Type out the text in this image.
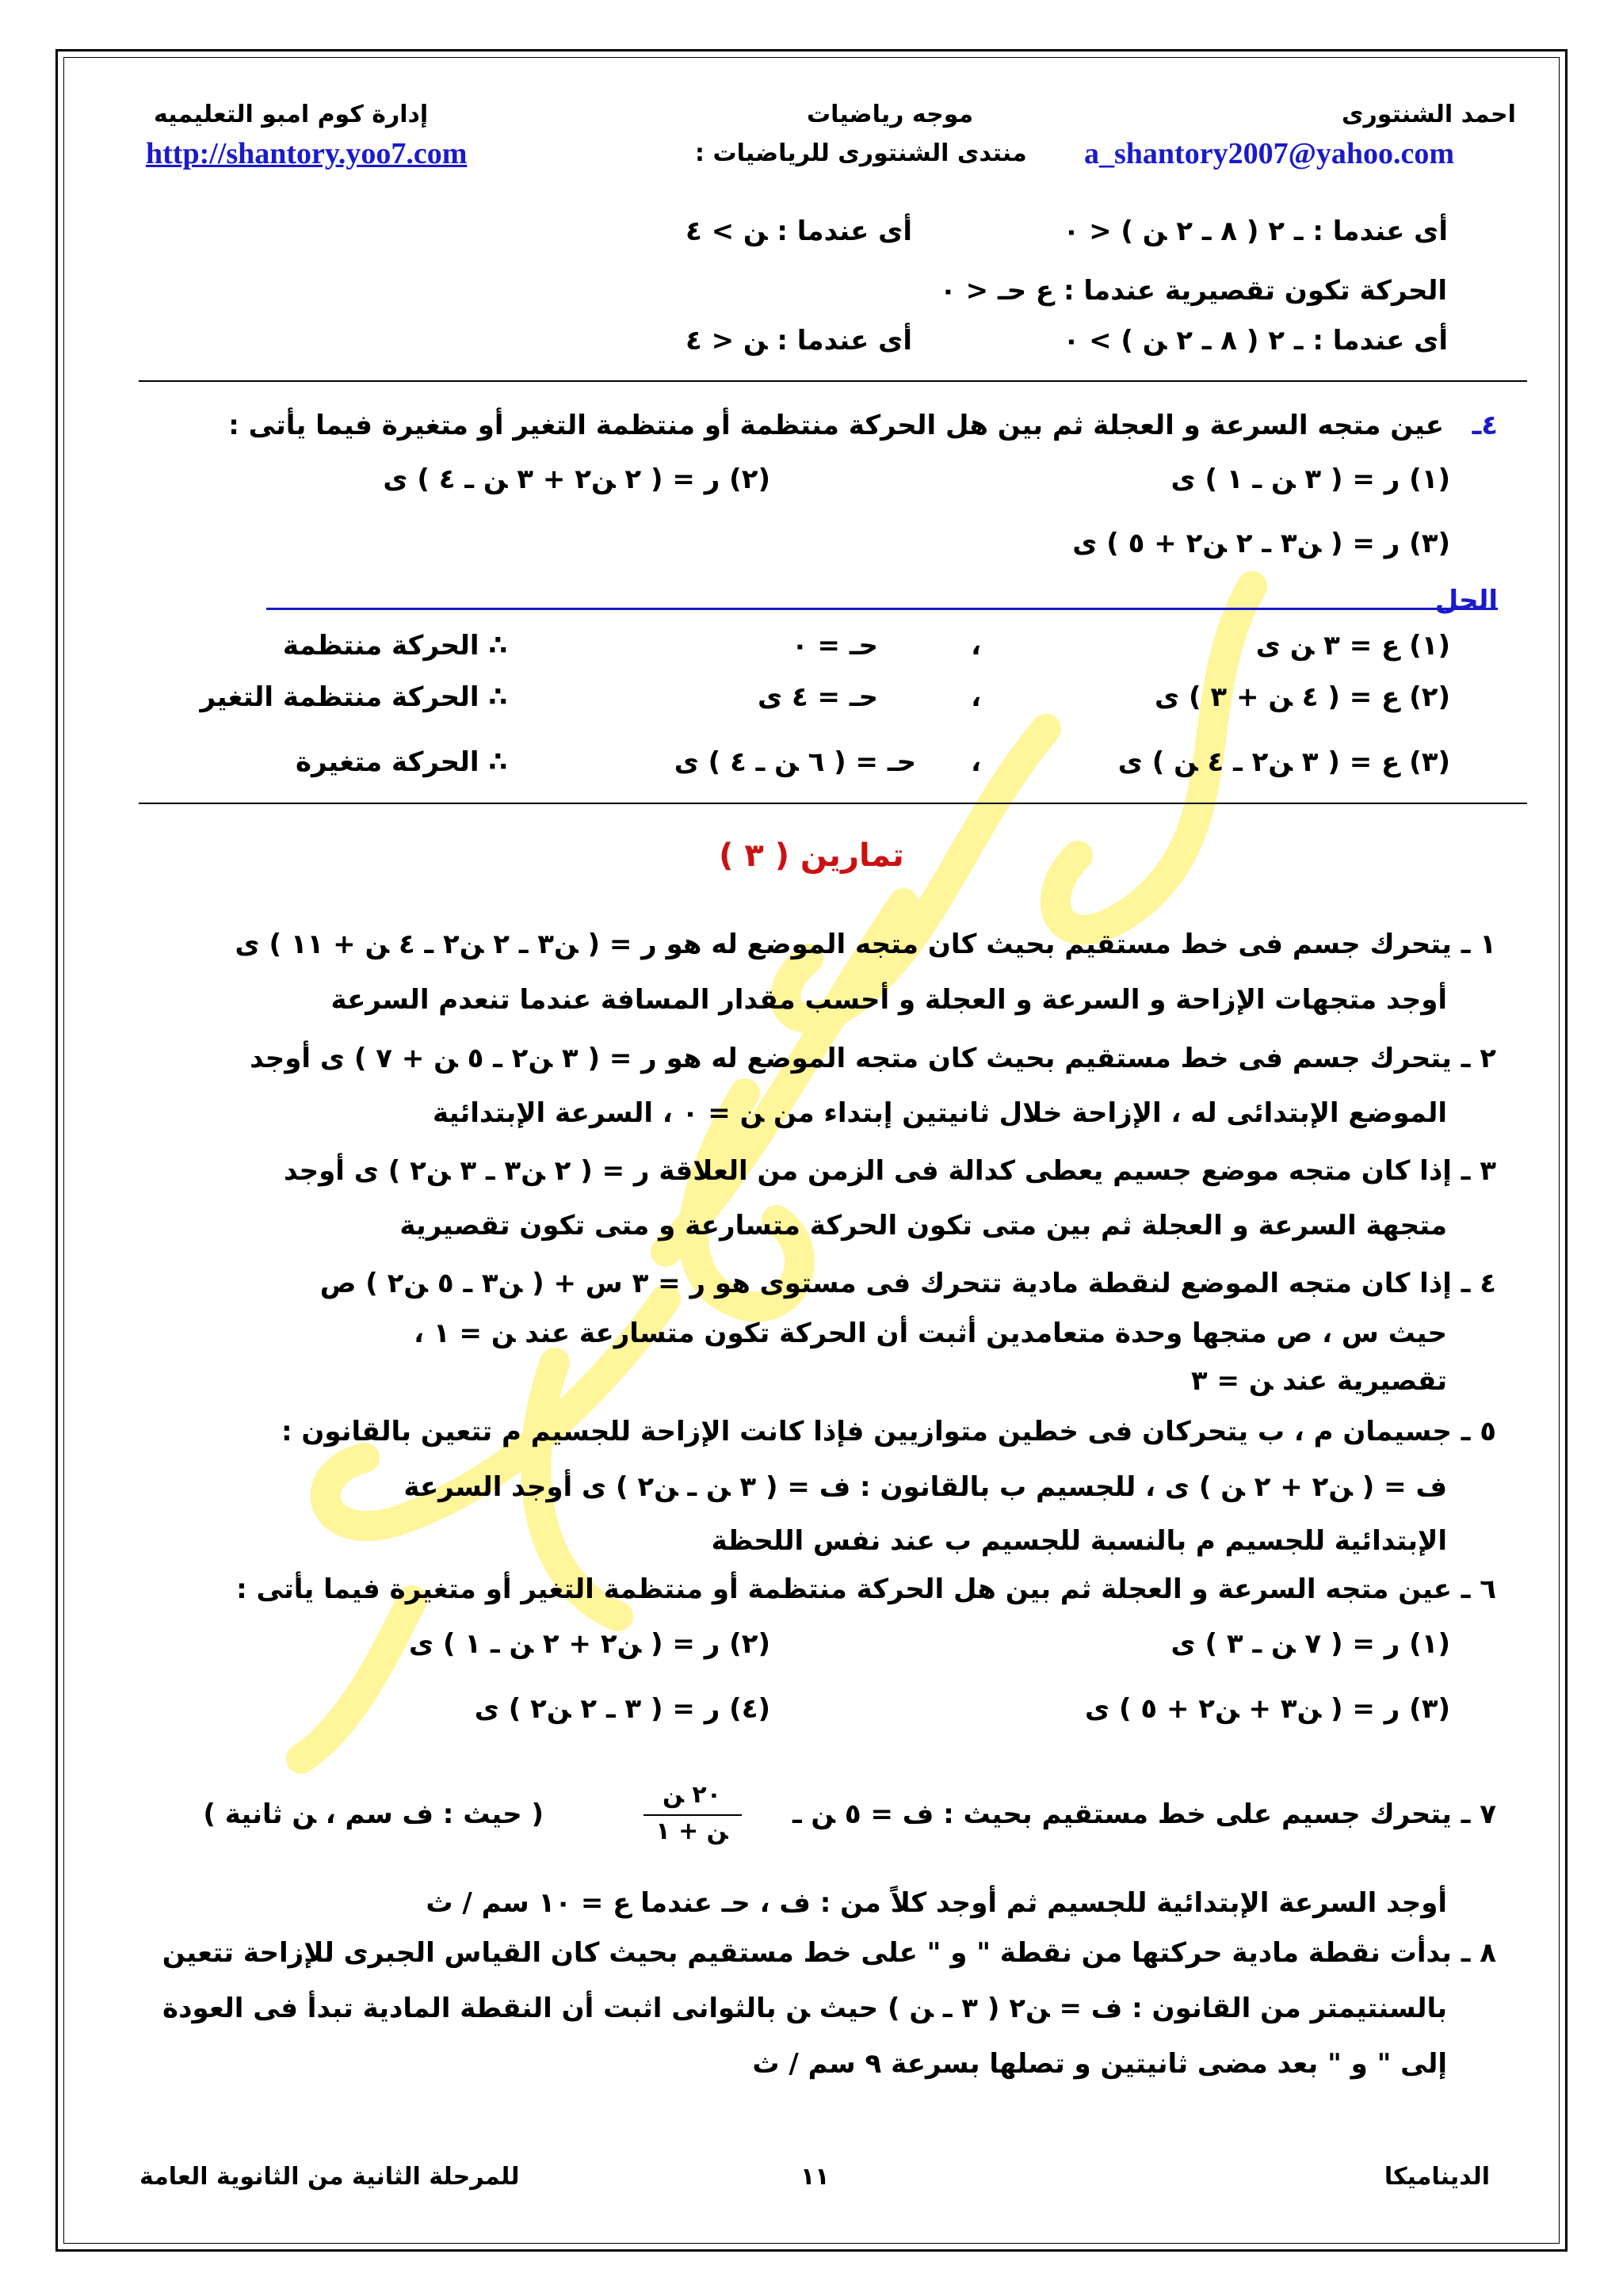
احمد الشنتورى
موجه رياضيات
إدارة كوم امبو التعليميه
a_shantory2007@yahoo.com
منتدى الشنتورى للرياضيات :
http://shantory.yoo7.com
أى عندما : ـ ٢ ( ٨ ـ ٢ ﻦ ) < ٠
أى عندما : ﻦ > ٤
الحركة تكون تقصيرية عندما : ع ﺣـ < ٠
أى عندما : ـ ٢ ( ٨ ـ ٢ ﻦ ) > ٠
أى عندما : ﻦ < ٤
٤ـ
عين متجه السرعة و العجلة ثم بين هل الحركة منتظمة أو منتظمة التغير أو متغيرة فيما يأتى :
(١) ر = ( ٣ ﻦ ـ ١ ) ى
(٢) ر = ( ٢ ﻦ٢ + ٣ ﻦ ـ ٤ ) ى
(٣) ر = ( ﻦ٣ ـ ٢ ﻦ٢ + ٥ ) ى
الحل
(١) ع = ٣ ﻦ ى
،
ﺣـ = ٠
∴ الحركة منتظمة
(٢) ع = ( ٤ ﻦ + ٣ ) ى
،
ﺣـ = ٤ ى
∴ الحركة منتظمة التغير
(٣) ع = ( ٣ ﻦ٢ ـ ٤ ﻦ ) ى
،
ﺣـ = ( ٦ ﻦ ـ ٤ ) ى
∴ الحركة متغيرة
تمارين ( ٣ )
١ ـ يتحرك جسم فى خط مستقيم بحيث كان متجه الموضع له هو ر = ( ﻦ٣ ـ ٢ ﻦ٢ ـ ٤ ﻦ + ١١ ) ى
أوجد متجهات الإزاحة و السرعة و العجلة و أحسب مقدار المسافة عندما تنعدم السرعة
٢ ـ يتحرك جسم فى خط مستقيم بحيث كان متجه الموضع له هو ر = ( ٣ ﻦ٢ ـ ٥ ﻦ + ٧ ) ى أوجد
الموضع الإبتدائى له ، الإزاحة خلال ثانيتين إبتداء من ﻦ = ٠ ، السرعة الإبتدائية
٣ ـ إذا كان متجه موضع جسيم يعطى كدالة فى الزمن من العلاقة ر = ( ٢ ﻦ٣ ـ ٣ ﻦ٢ ) ى أوجد
متجهة السرعة و العجلة ثم بين متى تكون الحركة متسارعة و متى تكون تقصيرية
٤ ـ إذا كان متجه الموضع لنقطة مادية تتحرك فى مستوى هو ر = ٣ س + ( ﻦ٣ ـ ٥ ﻦ٢ ) ص
حيث س ، ص متجها وحدة متعامدين أثبت أن الحركة تكون متسارعة عند ﻦ = ١ ،
تقصيرية عند ﻦ = ٣
٥ ـ جسيمان ﻡ ، ب يتحركان فى خطين متوازيين فإذا كانت الإزاحة للجسيم ﻡ تتعين بالقانون :
ف = ( ﻦ٢ + ٢ ﻦ ) ى ، للجسيم ب بالقانون : ف = ( ٣ ﻦ ـ ﻦ٢ ) ى أوجد السرعة
الإبتدائية للجسيم ﻡ بالنسبة للجسيم ب عند نفس اللحظة
٦ ـ عين متجه السرعة و العجلة ثم بين هل الحركة منتظمة أو منتظمة التغير أو متغيرة فيما يأتى :
(١) ر = ( ٧ ﻦ ـ ٣ ) ى
(٢) ر = ( ﻦ٢ + ٢ ﻦ ـ ١ ) ى
(٣) ر = ( ﻦ٣ + ﻦ٢ + ٥ ) ى
(٤) ر = ( ٣ ـ ٢ ﻦ٢ ) ى
٧ ـ يتحرك جسيم على خط مستقيم بحيث : ف = ٥ ﻦ ـ
٢٠ ﻦ
ﻦ + ١
( حيث : ف سم ، ﻦ ثانية )
أوجد السرعة الإبتدائية للجسيم ثم أوجد كلاً من : ف ، ﺣـ عندما ع = ١٠ سم / ث
٨ ـ بدأت نقطة مادية حركتها من نقطة " و " على خط مستقيم بحيث كان القياس الجبرى للإزاحة تتعين
بالسنتيمتر من القانون : ف = ﻦ٢ ( ٣ ـ ﻦ ) حيث ﻦ بالثوانى اثبت أن النقطة المادية تبدأ فى العودة
إلى " و " بعد مضى ثانيتين و تصلها بسرعة ٩ سم / ث
الديناميكا
١١
للمرحلة الثانية من الثانوية العامة
